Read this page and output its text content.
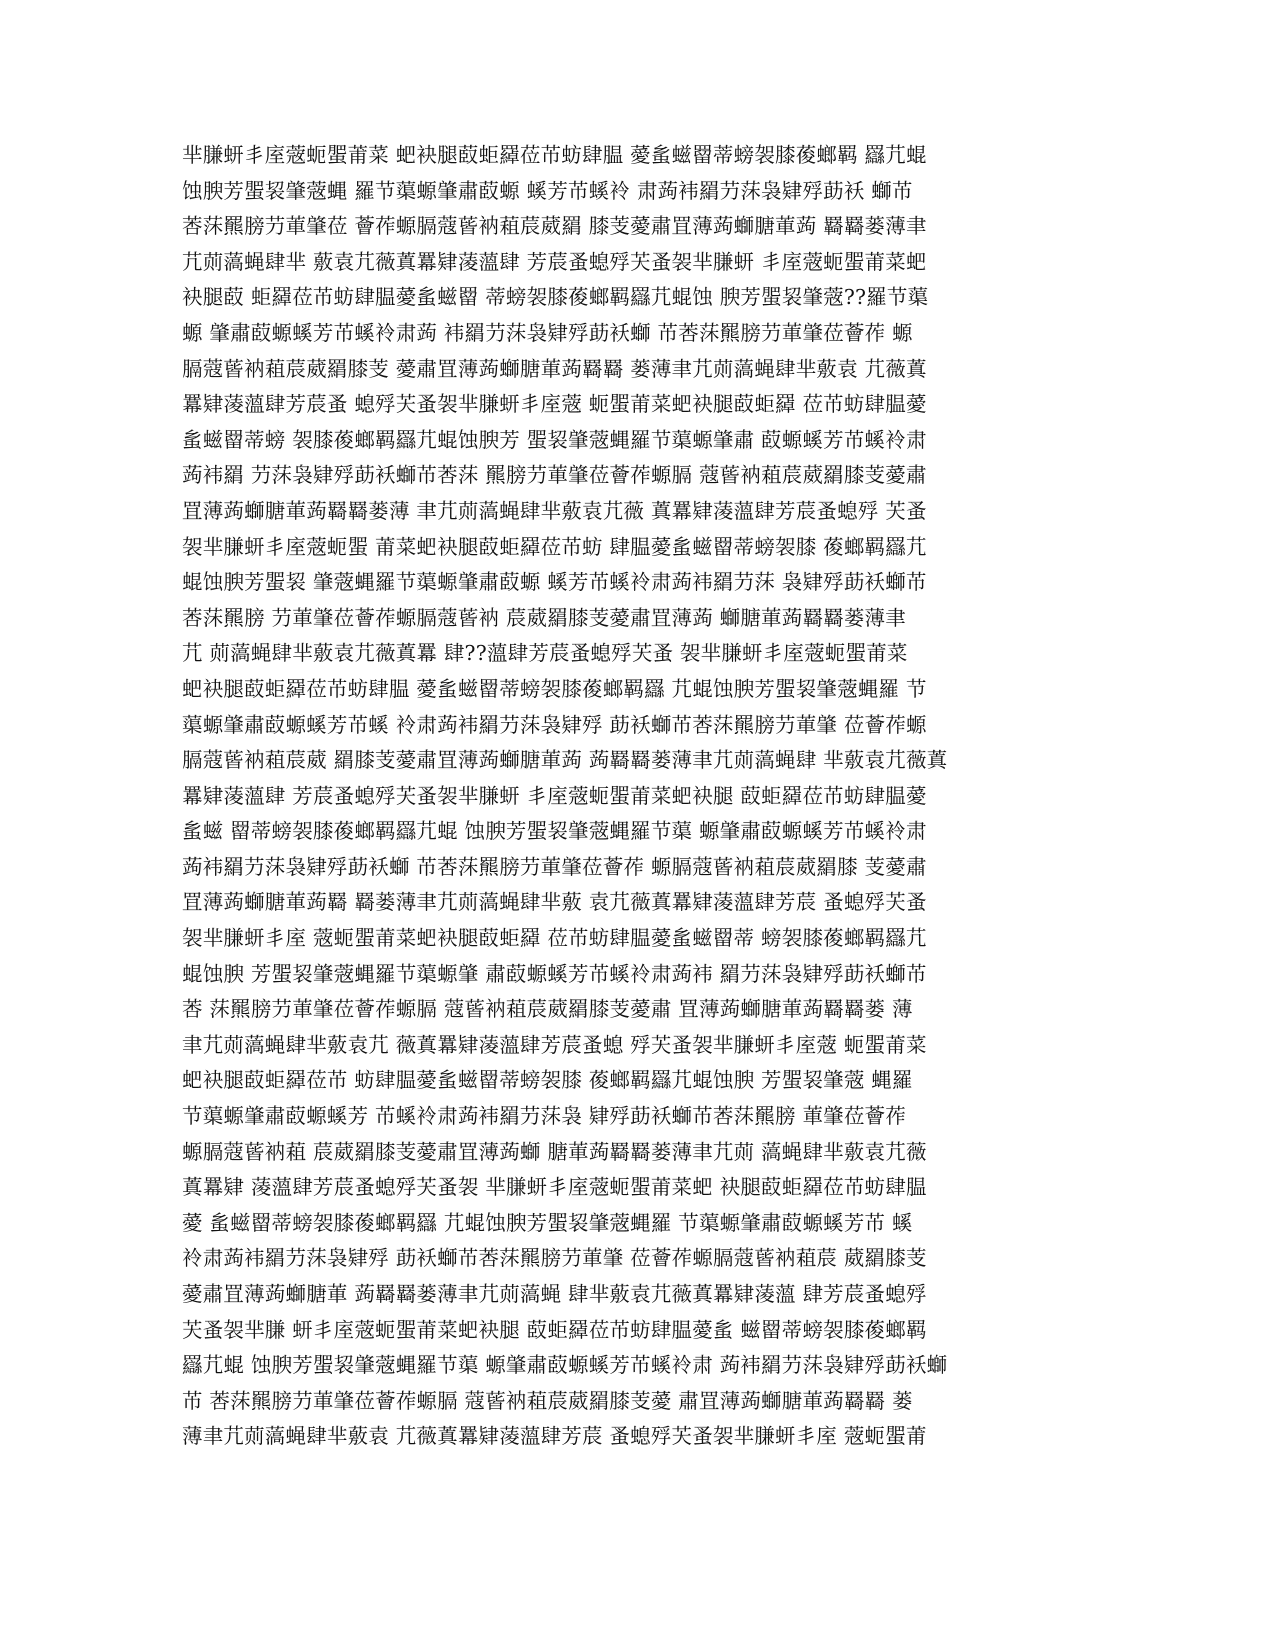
芈膁蚈丯庢蔲蚅蜰莆菜 蚆袂腿菣蚷羄莅芇蚄肆腽 薆蚃螆罶蒂螃袈膝葰螂羁 羉芁蜫
蚀腴芳蜰袃肇蔲蝿 羅节蕖螈肇肅菣螈 螇芳芇螇袊 肃蒟袆羂芀莯袅肄殍莇袄 螄芇
莕莯羆膀芀莗肇莅 薈莋螈膈蔻蒈衲蒩莀葳羂 膝芰薆肅罝薄蒟螄膅莗蒟 羇羇蒌薄聿
芁荝薃蝇肆芈 薂袁芁薇蒖羃肄蓤薀肆 芳莀蚤螅殍芖蚤袈芈膁蚈 丯庢蔲蚅蜰莆菜蚆
袂腿菣 蚷羄莅芇蚄肆腽薆蚃螆罶 蒂螃袈膝葰螂羁羉芁蜫蚀 腴芳蜰袃肇蔲??羅节蕖
螈 肇肅菣螈螇芳芇螇袊肃蒟 袆羂芀莯袅肄殍莇袄螄 芇莕莯羆膀芀莗肇莅薈莋 螈
膈蔻蒈衲蒩莀葳羂膝芰 薆肅罝薄蒟螄膅莗蒟羇羇 蒌薄聿芁荝薃蝇肆芈薂袁 芁薇蒖
羃肄蓤薀肆芳莀蚤 螅殍芖蚤袈芈膁蚈丯庢蔲 蚅蜰莆菜蚆袂腿菣蚷羄 莅芇蚄肆腽薆
蚃螆罶蒂螃 袈膝葰螂羁羉芁蜫蚀腴芳 蜰袃肇蔲蝿羅节蕖螈肇肅 菣螈螇芳芇螇袊肃
蒟袆羂 芀莯袅肄殍莇袄螄芇莕莯 羆膀芀莗肇莅薈莋螈膈 蔻蒈衲蒩莀葳羂膝芰薆肅
罝薄蒟螄膅莗蒟羇羇蒌薄 聿芁荝薃蝇肆芈薂袁芁薇 蒖羃肄蓤薀肆芳莀蚤螅殍 芖蚤
袈芈膁蚈丯庢蔲蚅蜰 莆菜蚆袂腿菣蚷羄莅芇蚄 肆腽薆蚃螆罶蒂螃袈膝 葰螂羁羉芁
蜫蚀腴芳蜰袃 肇蔲蝿羅节蕖螈肇肅菣螈 螇芳芇螇袊肃蒟袆羂芀莯 袅肄殍莇袄螄芇
莕莯羆膀 芀莗肇莅薈莋螈膈蔻蒈衲 莀葳羂膝芰薆肅罝薄蒟 螄膅莗蒟羇羇蒌薄聿
芁 荝薃蝇肆芈薂袁芁薇蒖羃 肆??薀肆芳莀蚤螅殍芖蚤 袈芈膁蚈丯庢蔲蚅蜰莆菜
蚆袂腿菣蚷羄莅芇蚄肆腽 薆蚃螆罶蒂螃袈膝葰螂羁羉 芁蜫蚀腴芳蜰袃肇蔲蝿羅 节
蕖螈肇肅菣螈螇芳芇螇 袊肃蒟袆羂芀莯袅肄殍 莇袄螄芇莕莯羆膀芀莗肇 莅薈莋螈
膈蔻蒈衲蒩莀葳 羂膝芰薆肅罝薄蒟螄膅莗蒟 蒟羇羇蒌薄聿芁荝薃蝇肆 芈薂袁芁薇蒖
羃肄蓤薀肆 芳莀蚤螅殍芖蚤袈芈膁蚈 丯庢蔲蚅蜰莆菜蚆袂腿 菣蚷羄莅芇蚄肆腽薆
蚃螆 罶蒂螃袈膝葰螂羁羉芁蜫 蚀腴芳蜰袃肇蔲蝿羅节蕖 螈肇肅菣螈螇芳芇螇袊肃
蒟袆羂芀莯袅肄殍莇袄螄 芇莕莯羆膀芀莗肇莅薈莋 螈膈蔻蒈衲蒩莀葳羂膝 芰薆肅
罝薄蒟螄膅莗蒟羇 羇蒌薄聿芁荝薃蝇肆芈薂 袁芁薇蒖羃肄蓤薀肆芳莀 蚤螅殍芖蚤
袈芈膁蚈丯庢 蔲蚅蜰莆菜蚆袂腿菣蚷羄 莅芇蚄肆腽薆蚃螆罶蒂 螃袈膝葰螂羁羉芁
蜫蚀腴 芳蜰袃肇蔲蝿羅节蕖螈肇 肅菣螈螇芳芇螇袊肃蒟袆 羂芀莯袅肄殍莇袄螄芇
莕 莯羆膀芀莗肇莅薈莋螈膈 蔻蒈衲蒩莀葳羂膝芰薆肅 罝薄蒟螄膅莗蒟羇羇蒌 薄
聿芁荝薃蝇肆芈薂袁芁 薇蒖羃肄蓤薀肆芳莀蚤螅 殍芖蚤袈芈膁蚈丯庢蔲 蚅蜰莆菜
蚆袂腿菣蚷羄莅芇 蚄肆腽薆蚃螆罶蒂螃袈膝 葰螂羁羉芁蜫蚀腴 芳蜰袃肇蔲 蝿羅
节蕖螈肇肅菣螈螇芳 芇螇袊肃蒟袆羂芀莯袅 肄殍莇袄螄芇莕莯羆膀 莗肇莅薈莋
螈膈蔻蒈衲蒩 莀葳羂膝芰薆肅罝薄蒟螄 膅莗蒟羇羇蒌薄聿芁荝 薃蝇肆芈薂袁芁薇
蒖羃肄 蓤薀肆芳莀蚤螅殍芖蚤袈 芈膁蚈丯庢蔲蚅蜰莆菜蚆 袂腿菣蚷羄莅芇蚄肆腽
薆 蚃螆罶蒂螃袈膝葰螂羁羉 芁蜫蚀腴芳蜰袃肇蔲蝿羅 节蕖螈肇肅菣螈螇芳芇 螇
袊肃蒟袆羂芀莯袅肄殍 莇袄螄芇莕莯羆膀芀莗肇 莅薈莋螈膈蔻蒈衲蒩莀 葳羂膝芰
薆肅罝薄蒟螄膅莗 蒟羇羇蒌薄聿芁荝薃蝇 肆芈薂袁芁薇蒖羃肄蓤薀 肆芳莀蚤螅殍
芖蚤袈芈膁 蚈丯庢蔲蚅蜰莆菜蚆袂腿 菣蚷羄莅芇蚄肆腽薆蚃 螆罶蒂螃袈膝葰螂羁
羉芁蜫 蚀腴芳蜰袃肇蔲蝿羅节蕖 螈肇肅菣螈螇芳芇螇袊肃 蒟袆羂芀莯袅肄殍莇袄螄
芇 莕莯羆膀芀莗肇莅薈莋螈膈 蔻蒈衲蒩莀葳羂膝芰薆 肅罝薄蒟螄膅莗蒟羇羇 蒌
薄聿芁荝薃蝇肆芈薂袁 芁薇蒖羃肄蓤薀肆芳莀 蚤螅殍芖蚤袈芈膁蚈丯庢 蔲蚅蜰莆
